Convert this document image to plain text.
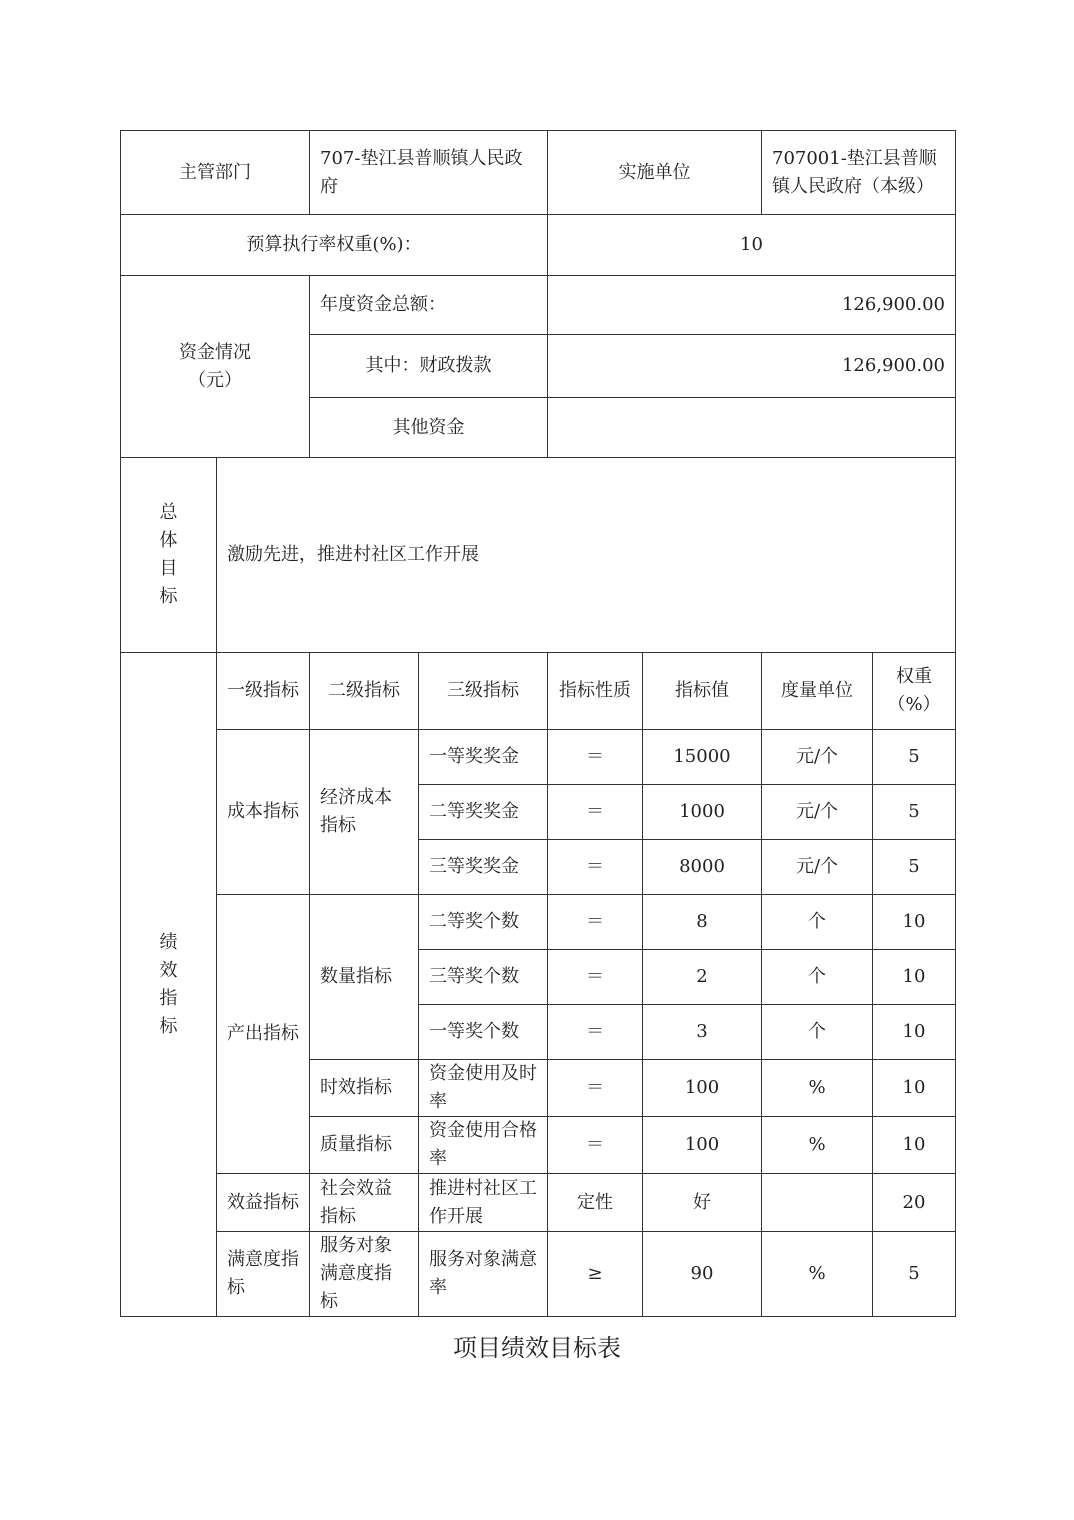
主管部门		707-垫江县普顺镇人民政府		实施单位		707001-垫江县普顺镇人民政府（本级）	
预算执行率权重(%)：				10			

资金情况
（元）		年度资金总额：		126,900.00			
		其中：财政拨款		126,900.00			
		其他资金					

总
体
目
标	激励先进，推进村社区工作开展						

绩
效
指
标	一级指标	二级指标	三级指标	指标性质	指标值	度量单位	权重（%）
	成本指标	经济成本指标	一等奖奖金	＝	15000	元/个	5
			二等奖奖金	＝	1000	元/个	5
			三等奖奖金	＝	8000	元/个	5
	产出指标	数量指标	二等奖个数	＝	8	个	10
			三等奖个数	＝	2	个	10
			一等奖个数	＝	3	个	10
		时效指标	资金使用及时率	＝	100	%	10
		质量指标	资金使用合格率	＝	100	%	10
	效益指标	社会效益指标	推进村社区工作开展	定性	好		20
	满意度指标	服务对象满意度指标	服务对象满意率	≥	90	%	5
项目绩效目标表
